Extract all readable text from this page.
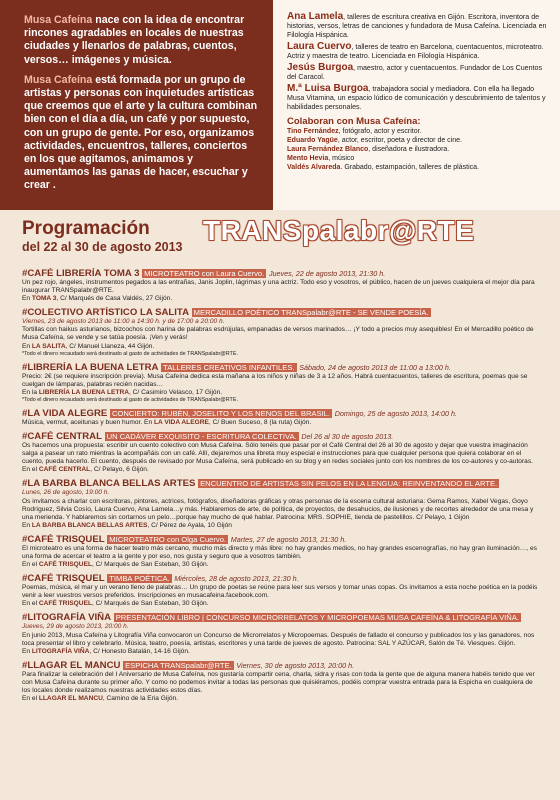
Musa Cafeína nace con la idea de encontrar rincones agradables en locales de nuestras ciudades y llenarlos de palabras, cuentos, versos… imágenes y música.

Musa Cafeína está formada por un grupo de artistas y personas con inquietudes artísticas que creemos que el arte y la cultura combinan bien con el día a día, un café y por supuesto, con un grupo de gente. Por eso, organizamos actividades, encuentros, talleres, conciertos en los que agitamos, animamos y aumentamos las ganas de hacer, escuchar y crear .

Ana Lamela, talleres de escritura creativa en Gijón. Escritora, inventora de historias, versos, letras de canciones y fundadora de Musa Cafeína. Licenciada en Filología Hispánica.

Laura Cuervo, talleres de teatro en Barcelona, cuentacuentos, microteatro. Actriz y maestra de teatro. Licenciada en Filología Hispánica.

Jesús Burgoa, maestro, actor y cuentacuentos. Fundador de Los Cuentos del Caracol.

M.ª Luisa Burgoa, trabajadora social y mediadora. Con ella ha llegado Musa Vitamina, un espacio lúdico de comunicación y descubrimiento de talentos y habilidades personales.

Colaboran con Musa Cafeína:

Tino Fernández, fotógrafo, actor y escritor.

Eduardo Yagüe, actor, escritor, poeta y director de cine.

Laura Fernández Blanco, diseñadora e ilustradora.

Mento Hevia, músico

Valdés Alvareda. Grabado, estampación, talleres de plástica.

Programación
del 22 al 30 de agosto 2013
TRANSpalabr@RTE
#CAFÉ LIBRERÍA TOMA 3 MICROTEATRO con Laura Cuervo. Jueves, 22 de agosto 2013, 21:30 h.

Un pez rojo, ángeles, instrumentos pegados a las entrañas, Janis Joplin, lágrimas y una actriz. Todo eso y vosotros, el público, hacen de un jueves cualquiera el mejor día para inaugurar TRANSpalabr@RTE.

En TOMA 3, C/ Marqués de Casa Valdés, 27 Gijón.

#COLECTIVO ARTÍSTICO LA SALITA MERCADILLO POÉTICO TRANSpalabr@RTE - SE VENDE POESÍA.

Viernes, 23 de agosto 2013 de 11:00 a 14:30 h. y de 17:00 a 20:00 h.

Tortillas con haikus asturianos, bizcochos con harina de palabras esdrújulas, empanadas de versos marinados… ¡Y todo a precios muy asequibles! En el Mercadillo poético de Musa Cafeína, se vende y se tatúa poesía. ¡Ven y verás!

En LA SALITA, C/ Manuel Llaneza, 44 Gijón.

*Todo el dinero recaudado será destinado al gasto de actividades de TRANSpalabr@RTE.

#LIBRERÍA LA BUENA LETRA TALLERES CREATIVOS INFANTILES. Sábado, 24 de agosto 2013 de 11:00 a 13:00 h.

Precio: 2€ (se requiere inscripción previa). Musa Cafeína dedica esta mañana a los niños y niñas de 3 a 12 años. Habrá cuentacuentos, talleres de escritura, poemas que se cuelgan de lámparas, palabras recién nacidas…

En la LIBRERÍA LA BUENA LETRA, C/ Casimiro Velasco, 17 Gijón.

*Todo el dinero recaudado será destinado al gasto de actividades de TRANSpalabr@RTE.

#LA VIDA ALEGRE CONCIERTO: RUBÉN, JOSELITO Y LOS NENOS DEL BRASIL. Domingo, 25 de agosto 2013, 14:00 h.

Música, vermut, aceitunas y buen humor. En LA VIDA ALEGRE, C/ Buen Suceso, 8 (la ruta) Gijón.

#CAFÉ CENTRAL UN CADÁVER EXQUISITO - ESCRITURA COLECTIVA. Del 26 al 30 de agosto 2013.

Os hacemos una propuesta: escribir un cuento colectivo con Musa Cafeína. Sólo tenéis que pasar por el Café Central del 26 al 30 de agosto y dejar que vuestra imaginación salga a pasear un rato mientras la acompañáis con un café. Allí, dejaremos una libreta muy especial e instrucciones para que cualquier persona que quiera colaborar en el cuento, pueda hacerlo. El cuento, después de revisado por Musa Cafeína, será publicado en su blog y en redes sociales junto con los nombres de los co-autores y co-autoras.

En el CAFÉ CENTRAL, C/ Pelayo, 6 Gijón.

#LA BARBA BLANCA BELLAS ARTES ENCUENTRO DE ARTISTAS SIN PELOS EN LA LENGUA: REINVENTANDO EL ARTE.

Lunes, 26 de agosto, 19:00 h.

Os invitamos a charlar con escritoras, pintores, actrices, fotógrafos, diseñadoras gráficas y otras personas de la escena cultural asturiana: Gema Ramos, Xabel Vegas, Goyo Rodríguez, Silvia Cosío, Laura Cuervo, Ana Lamela…y más. Hablaremos de arte, de política, de proyectos, de desahucios, de ilusiones y de recortes alrededor de una mesa y una merienda. Y hablaremos sin cortarnos un pelo…porque hay mucho de qué hablar. Patrocina: MRS. SOPHIE, tienda de pastelillos. C/ Pelayo, 1 Gijón

En LA BARBA BLANCA BELLAS ARTES, C/ Pérez de Ayala, 10 Gijón

#CAFÉ TRISQUEL MICROTEATRO con Olga Cuervo. Martes, 27 de agosto 2013, 21:30 h.

El microteatro es una forma de hacer teatro más cercano, mucho más directo y más libre: no hay grandes medios, no hay grandes escenografías, no hay gran iluminación…, es una forma de acercar el teatro a la gente y por eso, nos gusta y seguro que a vosotros también.

En el CAFÉ TRISQUEL, C/ Marqués de San Esteban, 30 Gijón.

#CAFÉ TRISQUEL TIMBA POÉTICA. Miércoles, 28 de agosto 2013, 21:30 h.

Poemas, música, el mar y un verano lleno de palabras… Un grupo de poetas se reúne para leer sus versos y tomar unas copas. Os invitamos a esta noche poética en la podéis venir a leer vuestros versos preferidos. Inscripciones en musacafeina.facebook.com.

En el CAFÉ TRISQUEL, C/ Marqués de San Esteban, 30 Gijón.

#LITOGRAFÍA VIÑA PRESENTACIÓN LIBRO | CONCURSO MICRORRELATOS Y MICROPOEMAS MUSA CAFEÍNA & LITOGRAFÍA VIÑA.

Jueves, 29 de agosto 2013, 20:00 h.

En junio 2013, Musa Cafeína y Litografía Viña convocaron un Concurso de Microrrelatos y Micropoemas. Después de fallado el concurso y publicados los y las ganadores, nos toca presentar el libro y celebrarlo. Música, teatro, poesía, artistas, escritores y una tarde de jueves de agosto. Patrocina: SAL Y AZÚCAR, Salón de Té. Viesques. Gijón.

En LITOGRAFÍA VIÑA, C/ Honesto Batalán, 14-16 Gijón.

#LLAGAR EL MANCU ESPICHA TRANSpalabr@RTE. Viernes, 30 de agosto 2013, 20:00 h.

Para finalizar la celebración del I Aniversario de Musa Cafeína, nos gustaría compartir cena, charla, sidra y risas con toda la gente que de alguna manera habéis tenido que ver con Musa Cafeína durante su primer año. Y como no podemos invitar a todas las personas que quisiéramos, podéis comprar vuestra entrada para la Espicha en cualquiera de los locales donde realizamos nuestras actividades estos días.

En el LLAGAR EL MANCU, Camino de la Eria Gijón.
